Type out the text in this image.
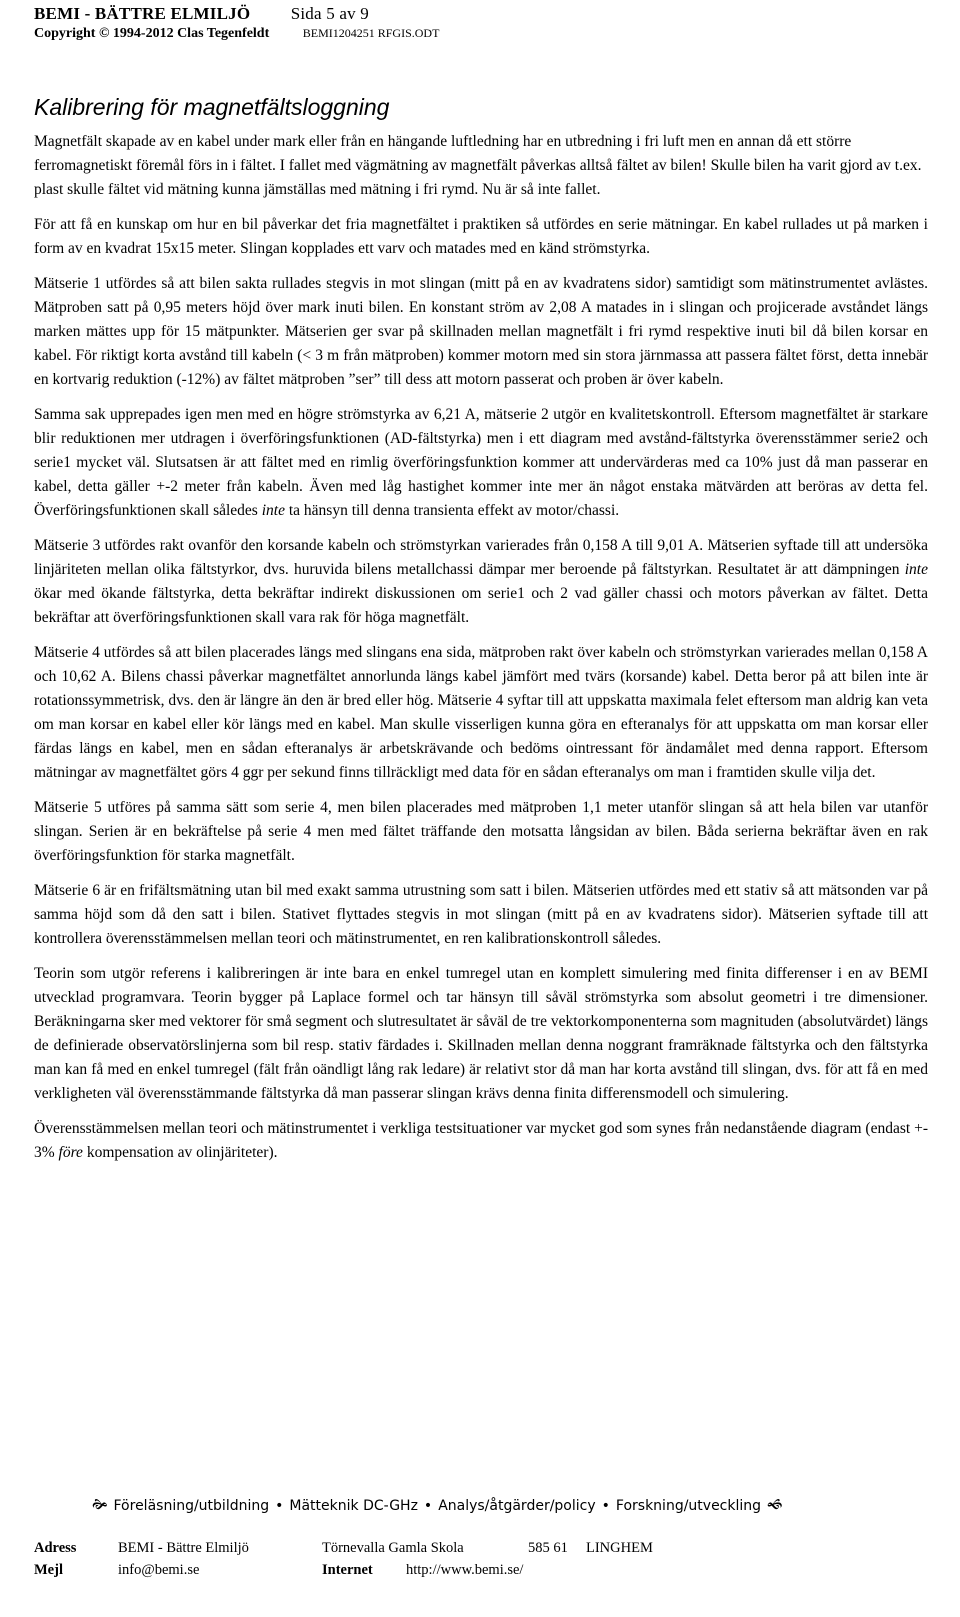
BEMI - BÄTTRE ELMILJÖ Sida 5 av 9
Copyright © 1994-2012 Clas Tegenfeldt	BEMI1204251 RFGIS.ODT
Kalibrering för magnetfältsloggning

Magnetfält skapade av en kabel under mark eller från en hängande luftledning har en utbredning i fri luft men en annan då ett större ferromagnetiskt föremål förs in i fältet. I fallet med vägmätning av magnetfält påverkas alltså fältet av bilen! Skulle bilen ha varit gjord av t.ex. plast skulle fältet vid mätning kunna jämställas med mätning i fri rymd. Nu är så inte fallet.

För att få en kunskap om hur en bil påverkar det fria magnetfältet i praktiken så utfördes en serie mätningar. En kabel rullades ut på marken i form av en kvadrat 15x15 meter. Slingan kopplades ett varv och matades med en känd strömstyrka.

Mätserie 1 utfördes så att bilen sakta rullades stegvis in mot slingan (mitt på en av kvadratens sidor) samtidigt som mätinstrumentet avlästes. Mätproben satt på 0,95 meters höjd över mark inuti bilen. En konstant ström av 2,08 A matades in i slingan och projicerade avståndet längs marken mättes upp för 15 mätpunkter. Mätserien ger svar på skillnaden mellan magnetfält i fri rymd respektive inuti bil då bilen korsar en kabel. För riktigt korta avstånd till kabeln (< 3 m från mätproben) kommer motorn med sin stora järnmassa att passera fältet först, detta innebär en kortvarig reduktion (-12%) av fältet mätproben ”ser” till dess att motorn passerat och proben är över kabeln.

Samma sak upprepades igen men med en högre strömstyrka av 6,21 A, mätserie 2 utgör en kvalitetskontroll. Eftersom magnetfältet är starkare blir reduktionen mer utdragen i överföringsfunktionen (AD-fältstyrka) men i ett diagram med avstånd-fältstyrka överensstämmer serie2 och serie1 mycket väl. Slutsatsen är att fältet med en rimlig överföringsfunktion kommer att undervärderas med ca 10% just då man passerar en kabel, detta gäller +-2 meter från kabeln. Även med låg hastighet kommer inte mer än något enstaka mätvärden att beröras av detta fel. Överföringsfunktionen skall således inte ta hänsyn till denna transienta effekt av motor/chassi.

Mätserie 3 utfördes rakt ovanför den korsande kabeln och strömstyrkan varierades från 0,158 A till 9,01 A. Mätserien syftade till att undersöka linjäriteten mellan olika fältstyrkor, dvs. huruvida bilens metallchassi dämpar mer beroende på fältstyrkan. Resultatet är att dämpningen inte ökar med ökande fältstyrka, detta bekräftar indirekt diskussionen om serie1 och 2 vad gäller chassi och motors påverkan av fältet. Detta bekräftar att överföringsfunktionen skall vara rak för höga magnetfält.

Mätserie 4 utfördes så att bilen placerades längs med slingans ena sida, mätproben rakt över kabeln och strömstyrkan varierades mellan 0,158 A och 10,62 A. Bilens chassi påverkar magnetfältet annorlunda längs kabel jämfört med tvärs (korsande) kabel. Detta beror på att bilen inte är rotationssymmetrisk, dvs. den är längre än den är bred eller hög. Mätserie 4 syftar till att uppskatta maximala felet eftersom man aldrig kan veta om man korsar en kabel eller kör längs med en kabel. Man skulle visserligen kunna göra en efteranalys för att uppskatta om man korsar eller färdas längs en kabel, men en sådan efteranalys är arbetskrävande och bedöms ointressant för ändamålet med denna rapport. Eftersom mätningar av magnetfältet görs 4 ggr per sekund finns tillräckligt med data för en sådan efteranalys om man i framtiden skulle vilja det.

Mätserie 5 utföres på samma sätt som serie 4, men bilen placerades med mätproben 1,1 meter utanför slingan så att hela bilen var utanför slingan. Serien är en bekräftelse på serie 4 men med fältet träffande den motsatta långsidan av bilen. Båda serierna bekräftar även en rak överföringsfunktion för starka magnetfält.

Mätserie 6 är en frifältsmätning utan bil med exakt samma utrustning som satt i bilen. Mätserien utfördes med ett stativ så att mätsonden var på samma höjd som då den satt i bilen. Stativet flyttades stegvis in mot slingan (mitt på en av kvadratens sidor). Mätserien syftade till att kontrollera överensstämmelsen mellan teori och mätinstrumentet, en ren kalibrationskontroll således.

Teorin som utgör referens i kalibreringen är inte bara en enkel tumregel utan en komplett simulering med finita differenser i en av BEMI utvecklad programvara. Teorin bygger på Laplace formel och tar hänsyn till såväl strömstyrka som absolut geometri i tre dimensioner. Beräkningarna sker med vektorer för små segment och slutresultatet är såväl de tre vektorkomponenterna som magnituden (absolutvärdet) längs de definierade observatörslinjerna som bil resp. stativ färdades i. Skillnaden mellan denna noggrant framräknade fältstyrka och den fältstyrka man kan få med en enkel tumregel (fält från oändligt lång rak ledare) är relativt stor då man har korta avstånd till slingan, dvs. för att få en med verkligheten väl överensstämmande fältstyrka då man passerar slingan krävs denna finita differensmodell och simulering.

Överensstämmelsen mellan teori och mätinstrumentet i verkliga testsituationer var mycket god som synes från nedanstående diagram (endast +- 3% före kompensation av olinjäriteter).

🙞 Föreläsning/utbildning • Mätteknik DC-GHz • Analys/åtgärder/policy • Forskning/utveckling 🙜
Adress	BEMI - Bättre Elmiljö	Törnevalla Gamla Skola	585 61	LINGHEM
Mejl	info@bemi.se	Internet	http://www.bemi.se/
